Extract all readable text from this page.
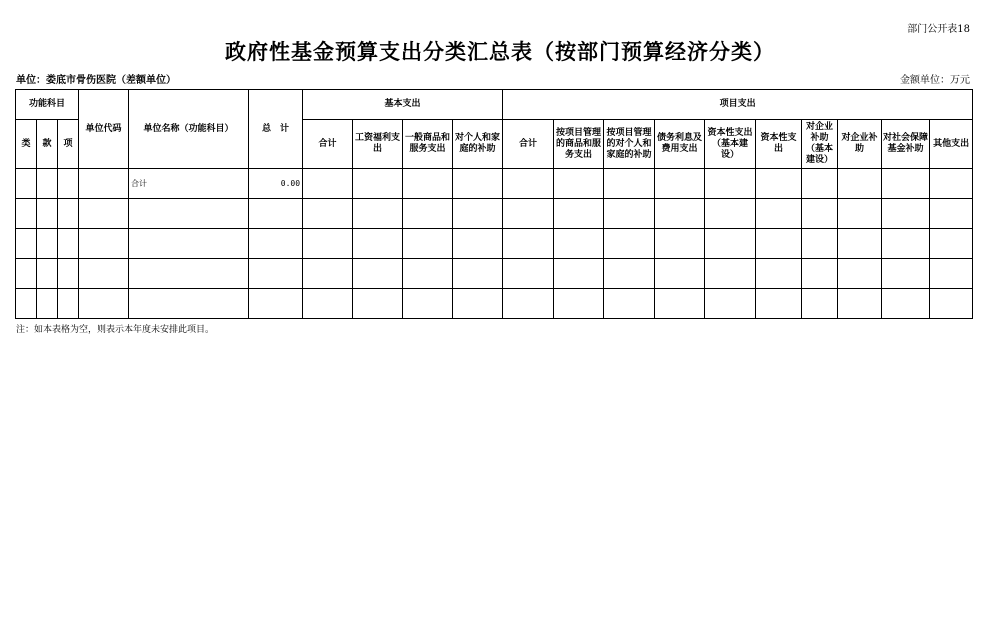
部门公开表18
政府性基金预算支出分类汇总表（按部门预算经济分类）
单位：娄底市骨伤医院（差额单位）	金额单位：万元
功能科目			单位代码	单位名称（功能科目）	总　计	基本支出				项目支出									
类	款	项				合计	工资福利支出	一般商品和服务支出	对个人和家庭的补助	合计	按项目管理的商品和服务支出	按项目管理的对个人和家庭的补助	债务利息及费用支出	资本性支出（基本建设）	资本性支出	对企业补助（基本建设）	对企业补助	对社会保障基金补助	其他支出
				合计	0.00														

注：如本表格为空，则表示本年度未安排此项目。
